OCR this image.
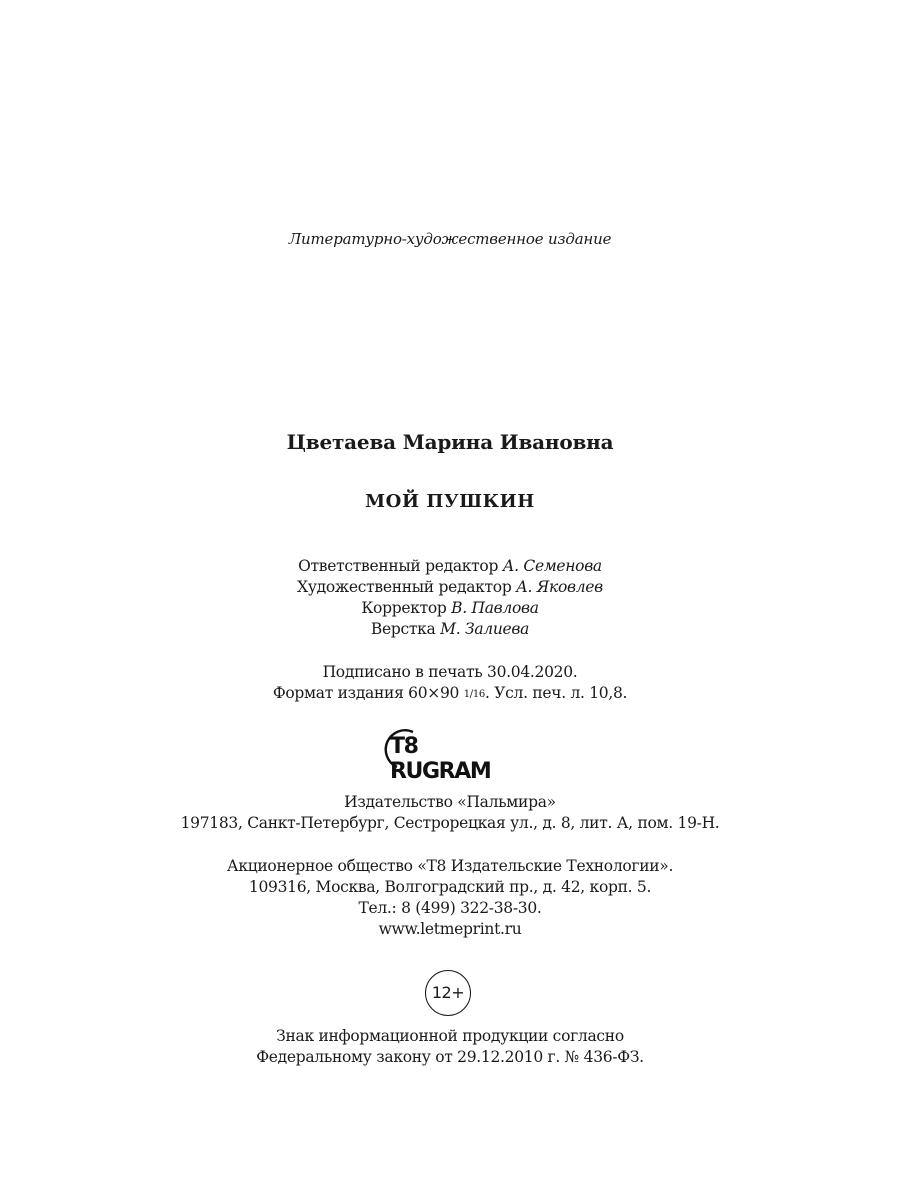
Литературно-художественное издание
Цветаева Марина Ивановна
МОЙ ПУШКИН
Ответственный редактор А. Семенова
Художественный редактор А. Яковлев
Корректор В. Павлова
Верстка М. Залиева
Подписано в печать 30.04.2020.
Формат издания 60×90 1/16. Усл. печ. л. 10,8.
T8 RUGRAM
Издательство «Пальмира»
197183, Санкт-Петербург, Сестрорецкая ул., д. 8, лит. А, пом. 19-Н.
Акционерное общество «Т8 Издательские Технологии».
109316, Москва, Волгоградский пр., д. 42, корп. 5.
Тел.: 8 (499) 322-38-30.
www.letmeprint.ru
12+
Знак информационной продукции согласно
Федеральному закону от 29.12.2010 г. № 436-ФЗ.
